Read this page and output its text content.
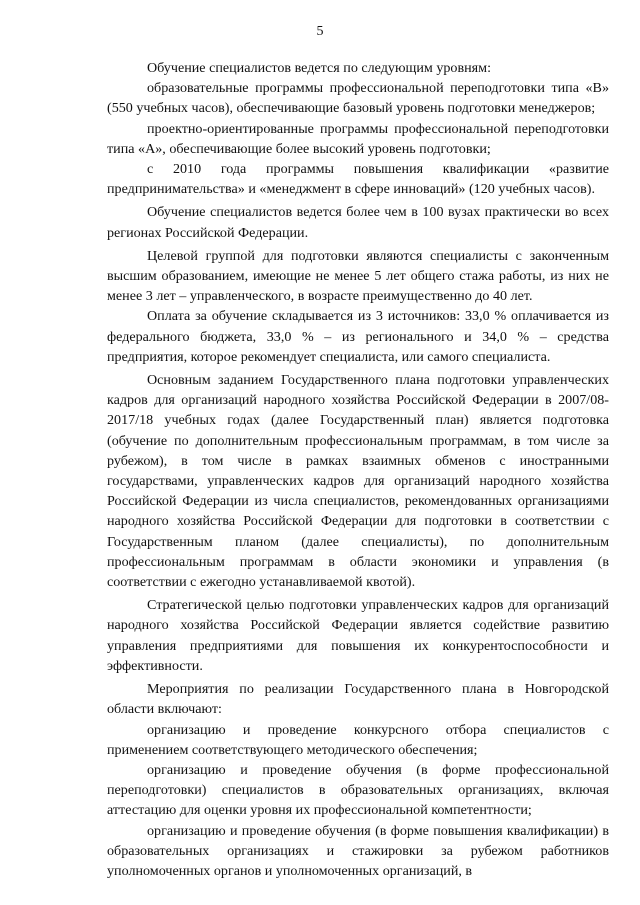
5

Обучение специалистов ведется по следующим уровням:

образовательные программы профессиональной переподготовки типа «В» (550 учебных часов), обеспечивающие базовый уровень подготовки менеджеров;

проектно-ориентированные программы профессиональной переподготовки типа «А», обеспечивающие более высокий уровень подготовки;

с 2010 года программы повышения квалификации «развитие предпринимательства» и «менеджмент в сфере инноваций» (120 учебных часов).

Обучение специалистов ведется более чем в 100 вузах практически во всех регионах Российской Федерации.

Целевой группой для подготовки являются специалисты с законченным высшим образованием, имеющие не менее 5 лет общего стажа работы, из них не менее 3 лет – управленческого, в возрасте преимущественно до 40 лет.

Оплата за обучение складывается из 3 источников: 33,0 % оплачивается из федерального бюджета, 33,0 % – из регионального и 34,0 % – средства предприятия, которое рекомендует специалиста, или самого специалиста.

Основным заданием Государственного плана подготовки управленческих кадров для организаций народного хозяйства Российской Федерации в 2007/08-2017/18 учебных годах (далее Государственный план) является подготовка (обучение по дополнительным профессиональным программам, в том числе за рубежом), в том числе в рамках взаимных обменов с иностранными государствами, управленческих кадров для организаций народного хозяйства Российской Федерации из числа специалистов, рекомендованных организациями народного хозяйства Российской Федерации для подготовки в соответствии с Государственным планом (далее специалисты), по дополнительным профессиональным программам в области экономики и управления (в соответствии с ежегодно устанавливаемой квотой).

Стратегической целью подготовки управленческих кадров для организаций народного хозяйства Российской Федерации является содействие развитию управления предприятиями для повышения их конкурентоспособности и эффективности.

Мероприятия по реализации Государственного плана в Новгородской области включают:

организацию и проведение конкурсного отбора специалистов с применением соответствующего методического обеспечения;

организацию и проведение обучения (в форме профессиональной переподготовки) специалистов в образовательных организациях, включая аттестацию для оценки уровня их профессиональной компетентности;

организацию и проведение обучения (в форме повышения квалификации) в образовательных организациях и стажировки за рубежом работников уполномоченных органов и уполномоченных организаций, в
